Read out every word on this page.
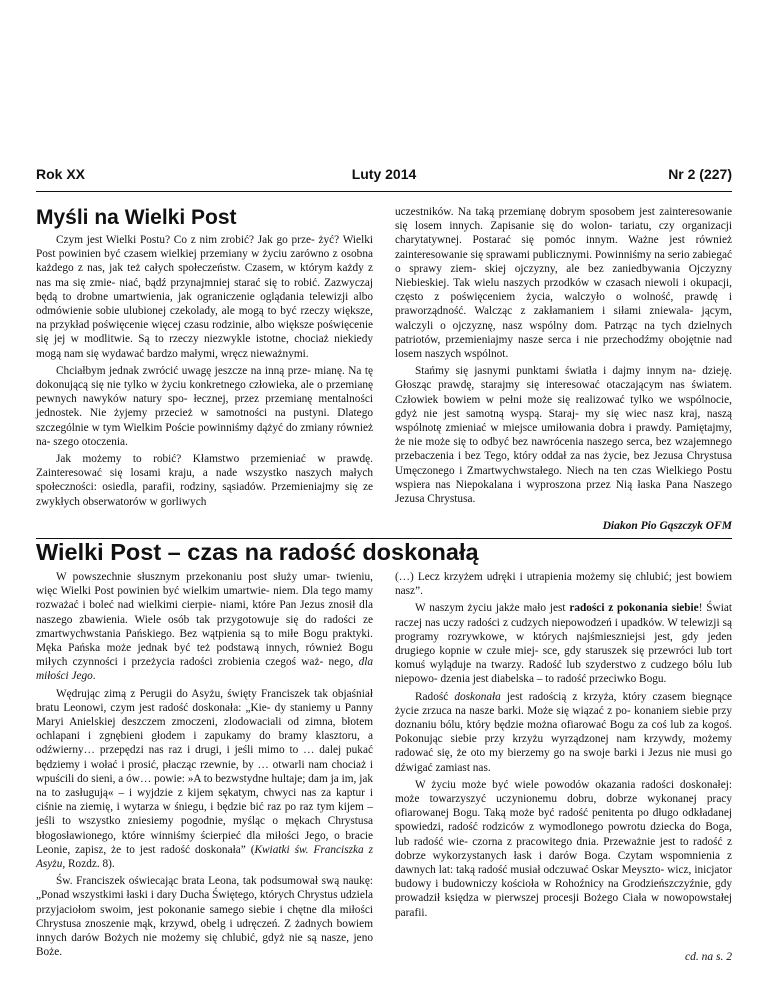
Rok XX	Luty 2014	Nr 2 (227)
Myśli na Wielki Post

Czym jest Wielki Postu? Co z nim zrobić? Jak go prze- żyć? Wielki Post powinien być czasem wielkiej przemiany w życiu zarówno z osobna każdego z nas, jak też całych społeczeństw. Czasem, w którym każdy z nas ma się zmie- niać, bądź przynajmniej starać się to robić. Zazwyczaj będą to drobne umartwienia, jak ograniczenie oglądania telewizji albo odmówienie sobie ulubionej czekolady, ale mogą to być rzeczy większe, na przykład poświęcenie więcej czasu rodzinie, albo większe poświęcenie się jej w modlitwie. Są to rzeczy niezwykle istotne, chociaż niekiedy mogą nam się wydawać bardzo małymi, wręcz nieważnymi.

Chciałbym jednak zwrócić uwagę jeszcze na inną prze- mianę. Na tę dokonującą się nie tylko w życiu konkretnego człowieka, ale o przemianę pewnych nawyków natury spo- łecznej, przez przemianę mentalności jednostek. Nie żyjemy przecież w samotności na pustyni. Dlatego szczególnie w tym Wielkim Poście powinniśmy dążyć do zmiany również na- szego otoczenia.

Jak możemy to robić? Kłamstwo przemieniać w prawdę. Zainteresować się losami kraju, a nade wszystko naszych małych społeczności: osiedla, parafii, rodziny, sąsiadów. Przemieniajmy się ze zwykłych obserwatorów w gorliwych

uczestników. Na taką przemianę dobrym sposobem jest zainteresowanie się losem innych. Zapisanie się do wolon- tariatu, czy organizacji charytatywnej. Postarać się pomóc innym. Ważne jest również zainteresowanie się sprawami publicznymi. Powinniśmy na serio zabiegać o sprawy ziem- skiej ojczyzny, ale bez zaniedbywania Ojczyzny Niebieskiej. Tak wielu naszych przodków w czasach niewoli i okupacji, często z poświęceniem życia, walczyło o wolność, prawdę i praworządność. Walcząc z zakłamaniem i siłami zniewala- jącym, walczyli o ojczyznę, nasz wspólny dom. Patrząc na tych dzielnych patriotów, przemieniajmy nasze serca i nie przechodźmy obojętnie nad losem naszych wspólnot.

Stańmy się jasnymi punktami światła i dajmy innym na- dzieję. Głosząc prawdę, starajmy się interesować otaczającym nas światem. Człowiek bowiem w pełni może się realizować tylko we wspólnocie, gdyż nie jest samotną wyspą. Staraj- my się wiec nasz kraj, naszą wspólnotę zmieniać w miejsce umiłowania dobra i prawdy. Pamiętajmy, że nie może się to odbyć bez nawrócenia naszego serca, bez wzajemnego przebaczenia i bez Tego, który oddał za nas życie, bez Jezusa Chrystusa Umęczonego i Zmartwychwstałego. Niech na ten czas Wielkiego Postu wspiera nas Niepokalana i wyproszona przez Nią łaska Pana Naszego Jezusa Chrystusa.

Diakon Pio Gąszczyk OFM
Wielki Post – czas na radość doskonałą

W powszechnie słusznym przekonaniu post służy umar- twieniu, więc Wielki Post powinien być wielkim umartwie- niem. Dla tego mamy rozważać i boleć nad wielkimi cierpie- niami, które Pan Jezus znosił dla naszego zbawienia. Wiele osób tak przygotowuje się do radości ze zmartwychwstania Pańskiego. Bez wątpienia są to miłe Bogu praktyki. Męka Pańska może jednak być też podstawą innych, również Bogu miłych czynności i przeżycia radości zrobienia czegoś waż- nego, dla miłości Jego.

Wędrując zimą z Perugii do Asyżu, święty Franciszek tak objaśniał bratu Leonowi, czym jest radość doskonała: „Kie- dy staniemy u Panny Maryi Anielskiej deszczem zmoczeni, zlodowaciali od zimna, błotem ochlapani i zgnębieni głodem i zapukamy do bramy klasztoru, a odźwierny… przepędzi nas raz i drugi, i jeśli mimo to … dalej pukać będziemy i wołać i prosić, płacząc rzewnie, by … otwarli nam chociaż i wpuścili do sieni, a ów… powie: »A to bezwstydne hultaje; dam ja im, jak na to zasługują« – i wyjdzie z kijem sękatym, chwyci nas za kaptur i ciśnie na ziemię, i wytarza w śniegu, i będzie bić raz po raz tym kijem – jeśli to wszystko zniesiemy pogodnie, myśląc o mękach Chrystusa błogosławionego, które winniśmy ścierpieć dla miłości Jego, o bracie Leonie, zapisz, że to jest radość doskonała” (Kwiatki św. Franciszka z Asyżu, Rozdz. 8).

Św. Franciszek oświecając brata Leona, tak podsumował swą naukę: „Ponad wszystkimi łaski i dary Ducha Świętego, których Chrystus udziela przyjaciołom swoim, jest pokonanie samego siebie i chętne dla miłości Chrystusa znoszenie mąk, krzywd, obelg i udręczeń. Z żadnych bowiem innych darów Bożych nie możemy się chlubić, gdyż nie są nasze, jeno Boże.

(…) Lecz krzyżem udręki i utrapienia możemy się chlubić; jest bowiem nasz”.

W naszym życiu jakże mało jest radości z pokonania siebie! Świat raczej nas uczy radości z cudzych niepowodzeń i upadków. W telewizji są programy rozrywkowe, w których najśmieszniejsi jest, gdy jeden drugiego kopnie w czułe miej- sce, gdy staruszek się przewróci lub tort komuś wyląduje na twarzy. Radość lub szyderstwo z cudzego bólu lub niepowo- dzenia jest diabelska – to radość przeciwko Bogu.

Radość doskonała jest radością z krzyża, który czasem biegnące życie zrzuca na nasze barki. Może się wiązać z po- konaniem siebie przy doznaniu bólu, który będzie można ofiarować Bogu za coś lub za kogoś. Pokonując siebie przy krzyżu wyrządzonej nam krzywdy, możemy radować się, że oto my bierzemy go na swoje barki i Jezus nie musi go dźwigać zamiast nas.

W życiu może być wiele powodów okazania radości doskonałej: może towarzyszyć uczynionemu dobru, dobrze wykonanej pracy ofiarowanej Bogu. Taką może być radość penitenta po długo odkładanej spowiedzi, radość rodziców z wymodlonego powrotu dziecka do Boga, lub radość wie- czorna z pracowitego dnia. Przeważnie jest to radość z dobrze wykorzystanych łask i darów Boga. Czytam wspomnienia z dawnych lat: taką radość musiał odczuwać Oskar Meyszto- wicz, inicjator budowy i budowniczy kościoła w Rohoźnicy na Grodzieńszczyźnie, gdy prowadził księdza w pierwszej procesji Bożego Ciała w nowopowstałej parafii.

cd. na s. 2
